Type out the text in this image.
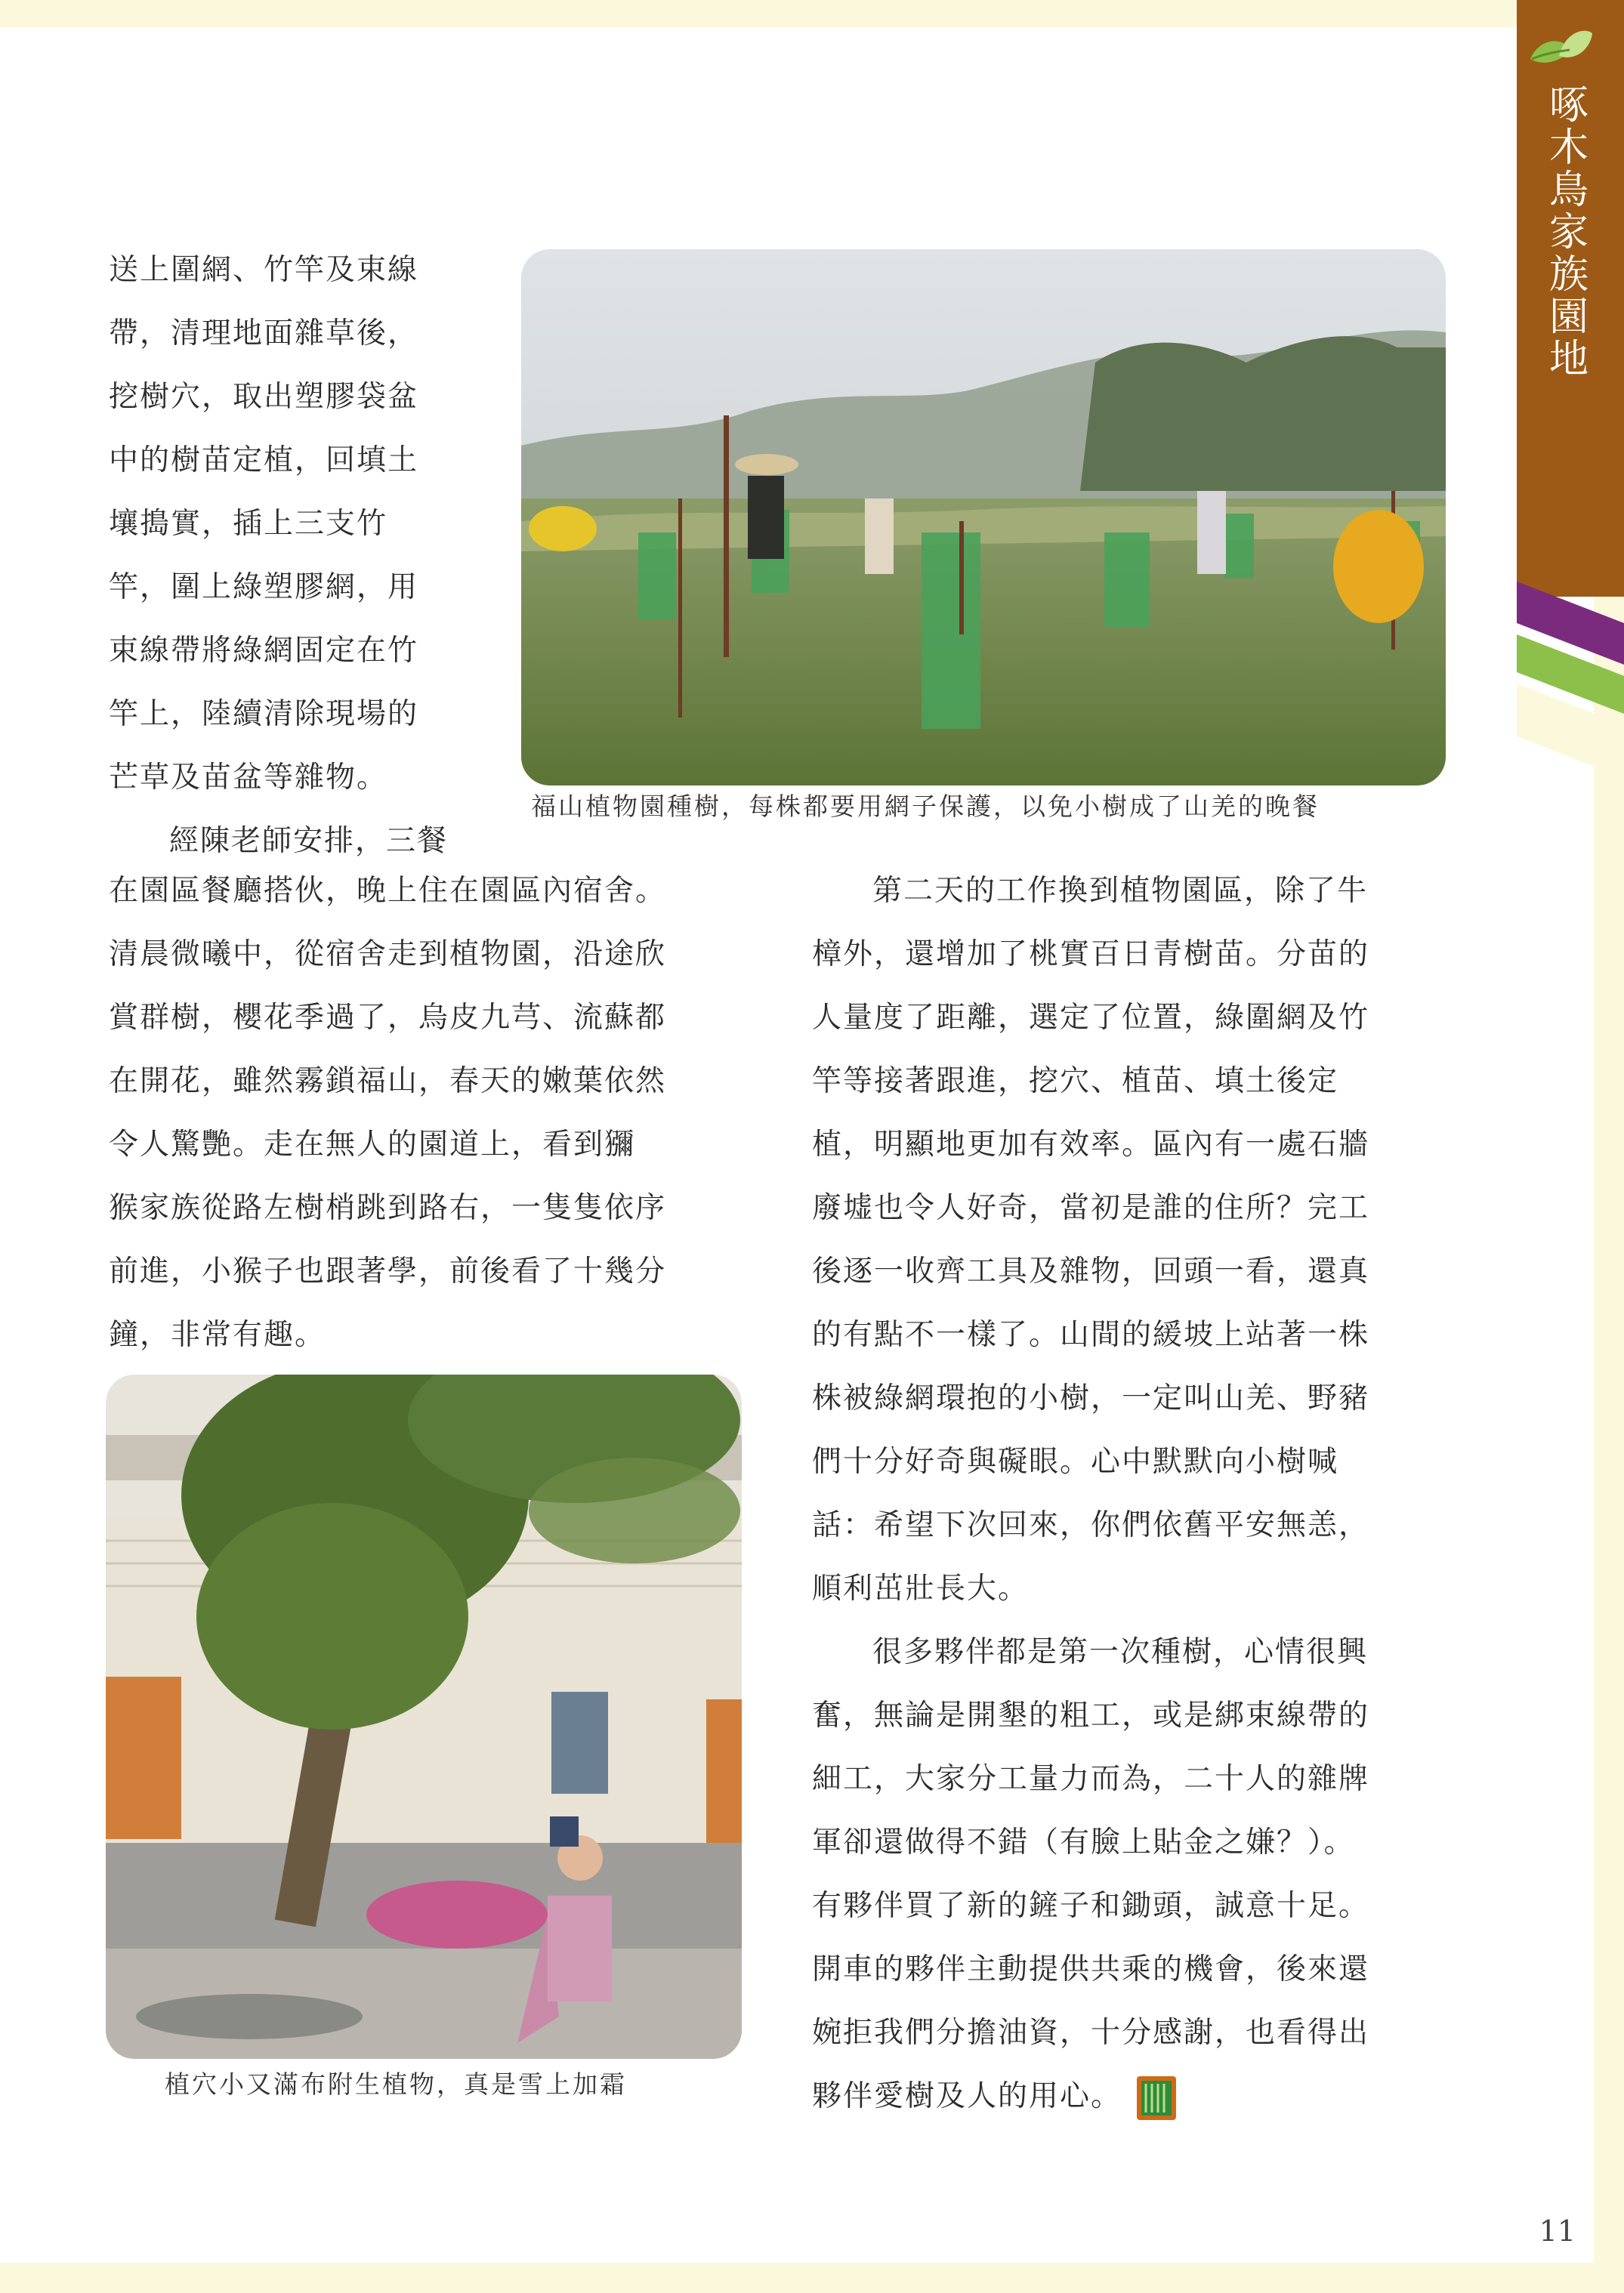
啄
木
鳥
家
族
園
地
送上圍網、竹竿及束線
帶，清理地面雜草後，
挖樹穴，取出塑膠袋盆
中的樹苗定植，回填土
壤搗實，插上三支竹
竿，圍上綠塑膠網，用
束線帶將綠網固定在竹
竿上，陸續清除現場的
芒草及苗盆等雜物。
經陳老師安排，三餐
福山植物園種樹，每株都要用網子保護，以免小樹成了山羌的晚餐
在園區餐廳搭伙，晚上住在園區內宿舍。
清晨微曦中，從宿舍走到植物園，沿途欣
賞群樹，櫻花季過了，烏皮九芎、流蘇都
在開花，雖然霧鎖福山，春天的嫩葉依然
令人驚艷。走在無人的園道上，看到獼
猴家族從路左樹梢跳到路右，一隻隻依序
前進，小猴子也跟著學，前後看了十幾分
鐘，非常有趣。
植穴小又滿布附生植物，真是雪上加霜
第二天的工作換到植物園區，除了牛
樟外，還增加了桃實百日青樹苗。分苗的
人量度了距離，選定了位置，綠圍網及竹
竿等接著跟進，挖穴、植苗、填土後定
植，明顯地更加有效率。區內有一處石牆
廢墟也令人好奇，當初是誰的住所？完工
後逐一收齊工具及雜物，回頭一看，還真
的有點不一樣了。山間的緩坡上站著一株
株被綠網環抱的小樹，一定叫山羌、野豬
們十分好奇與礙眼。心中默默向小樹喊
話：希望下次回來，你們依舊平安無恙，
順利茁壯長大。
很多夥伴都是第一次種樹，心情很興
奮，無論是開墾的粗工，或是綁束線帶的
細工，大家分工量力而為，二十人的雜牌
軍卻還做得不錯（有臉上貼金之嫌？）。
有夥伴買了新的鏟子和鋤頭，誠意十足。
開車的夥伴主動提供共乘的機會，後來還
婉拒我們分擔油資，十分感謝，也看得出
夥伴愛樹及人的用心。
11
